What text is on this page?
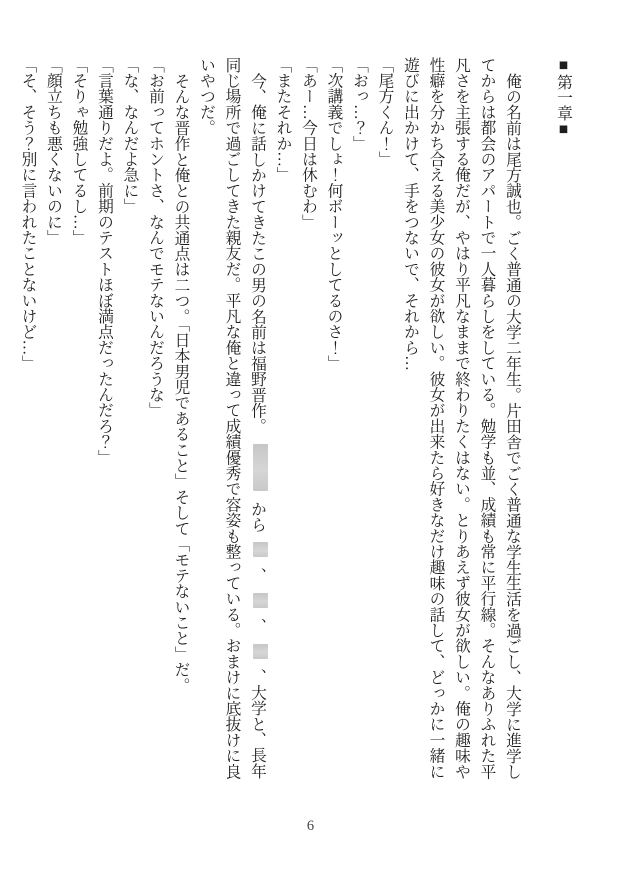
■第一章■

俺の名前は尾方誠也。ごく普通の大学二年生。片田舎でごく普通な学生生活を過ごし、大学に進学してからは都会のアパートで一人暮らしをしている。勉学も並、成績も常に平行線。そんなありふれた平凡さを主張する俺だが、やはり平凡なままで終わりたくはない。とりあえず彼女が欲しい。俺の趣味や性癖を分かち合える美少女の彼女が欲しい。彼女が出来たら好きなだけ趣味の話して、どっかに一緒に遊びに出かけて、手をつないで、それから…

「尾方くん！」

「おっ…？」

「次講義でしょ！何ボーッとしてるのさ！」

「あー…今日は休むわ」

「またそれか…」

今、俺に話しかけてきたこの男の名前は福野晋作。から、、、大学と、長年同じ場所で過ごしてきた親友だ。平凡な俺と違って成績優秀で容姿も整っている。おまけに底抜けに良いやつだ。

そんな晋作と俺との共通点は二つ。「日本男児であること」そして「モテないこと」だ。

「お前ってホントさ、なんでモテないんだろうな」

「な、なんだよ急に」

「言葉通りだよ。前期のテストほぼ満点だったんだろ？」

「そりゃ勉強してるし…」

「顔立ちも悪くないのに」

「そ、そう？別に言われたことないけど…」

6
